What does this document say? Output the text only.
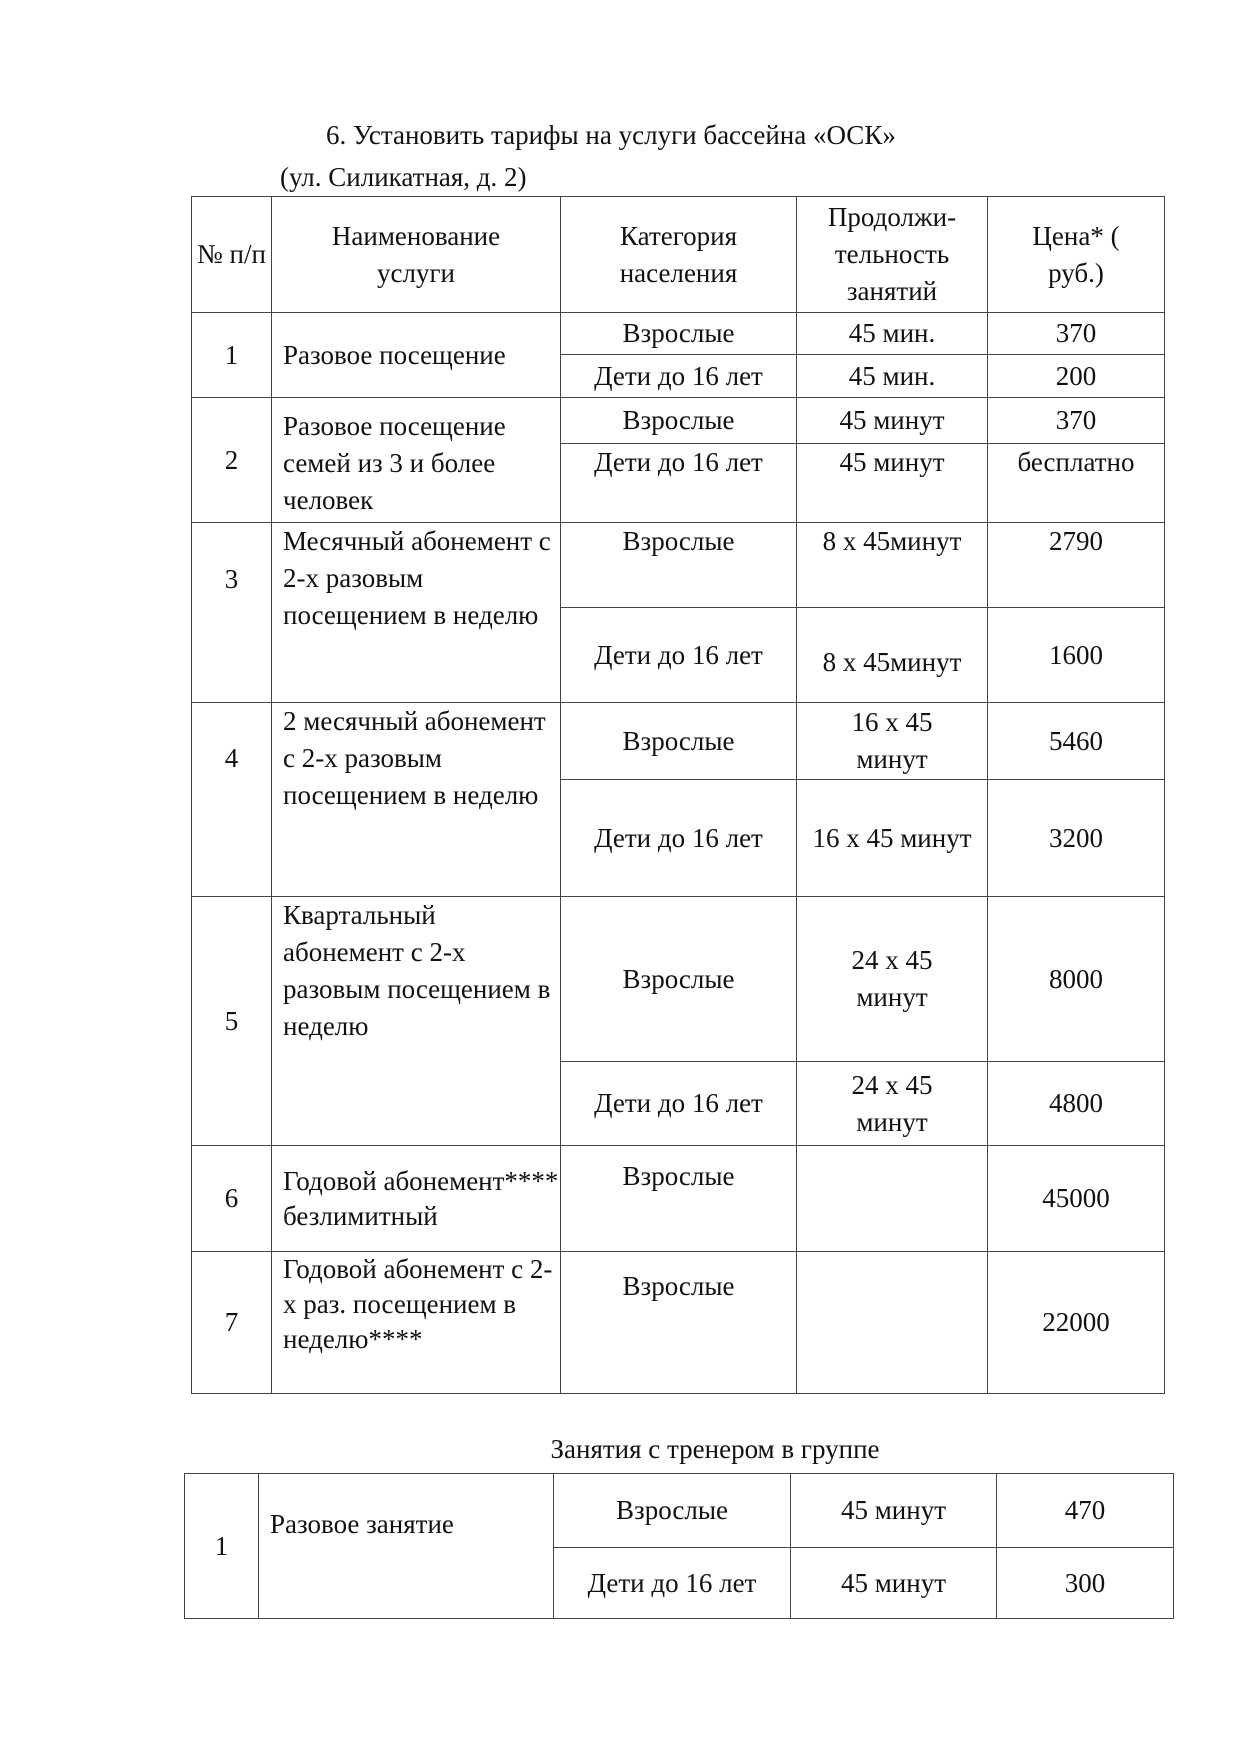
6. Установить тарифы на услуги бассейна «ОСК»
(ул. Силикатная, д. 2)
№ п/п	Наименование услуги	Категория населения	Продолжи-тельность занятий	Цена* ( руб.)
1	Разовое посещение	Взрослые	45 мин.	370
		Дети до 16 лет	45 мин.	200
2	Разовое посещение семей из 3 и более человек	Взрослые	45 минут	370
		Дети до 16 лет	45 минут	бесплатно
3	Месячный абонемент с 2-х разовым посещением в неделю	Взрослые	8 х 45минут	2790
		Дети до 16 лет	8 х 45минут	1600
4	2 месячный абонемент с 2-х разовым посещением в неделю	Взрослые	16 х 45 минут	5460
		Дети до 16 лет	16 х 45 минут	3200
5	Квартальный абонемент с 2-х разовым посещением в неделю	Взрослые	24 х 45 минут	8000
		Дети до 16 лет	24 х 45 минут	4800
6	Годовой абонемент**** безлимитный	Взрослые		45000
7	Годовой абонемент с 2-х раз. посещением в неделю****	Взрослые		22000
Занятия с тренером в группе
1	Разовое занятие	Взрослые	45 минут	470
		Дети до 16 лет	45 минут	300
